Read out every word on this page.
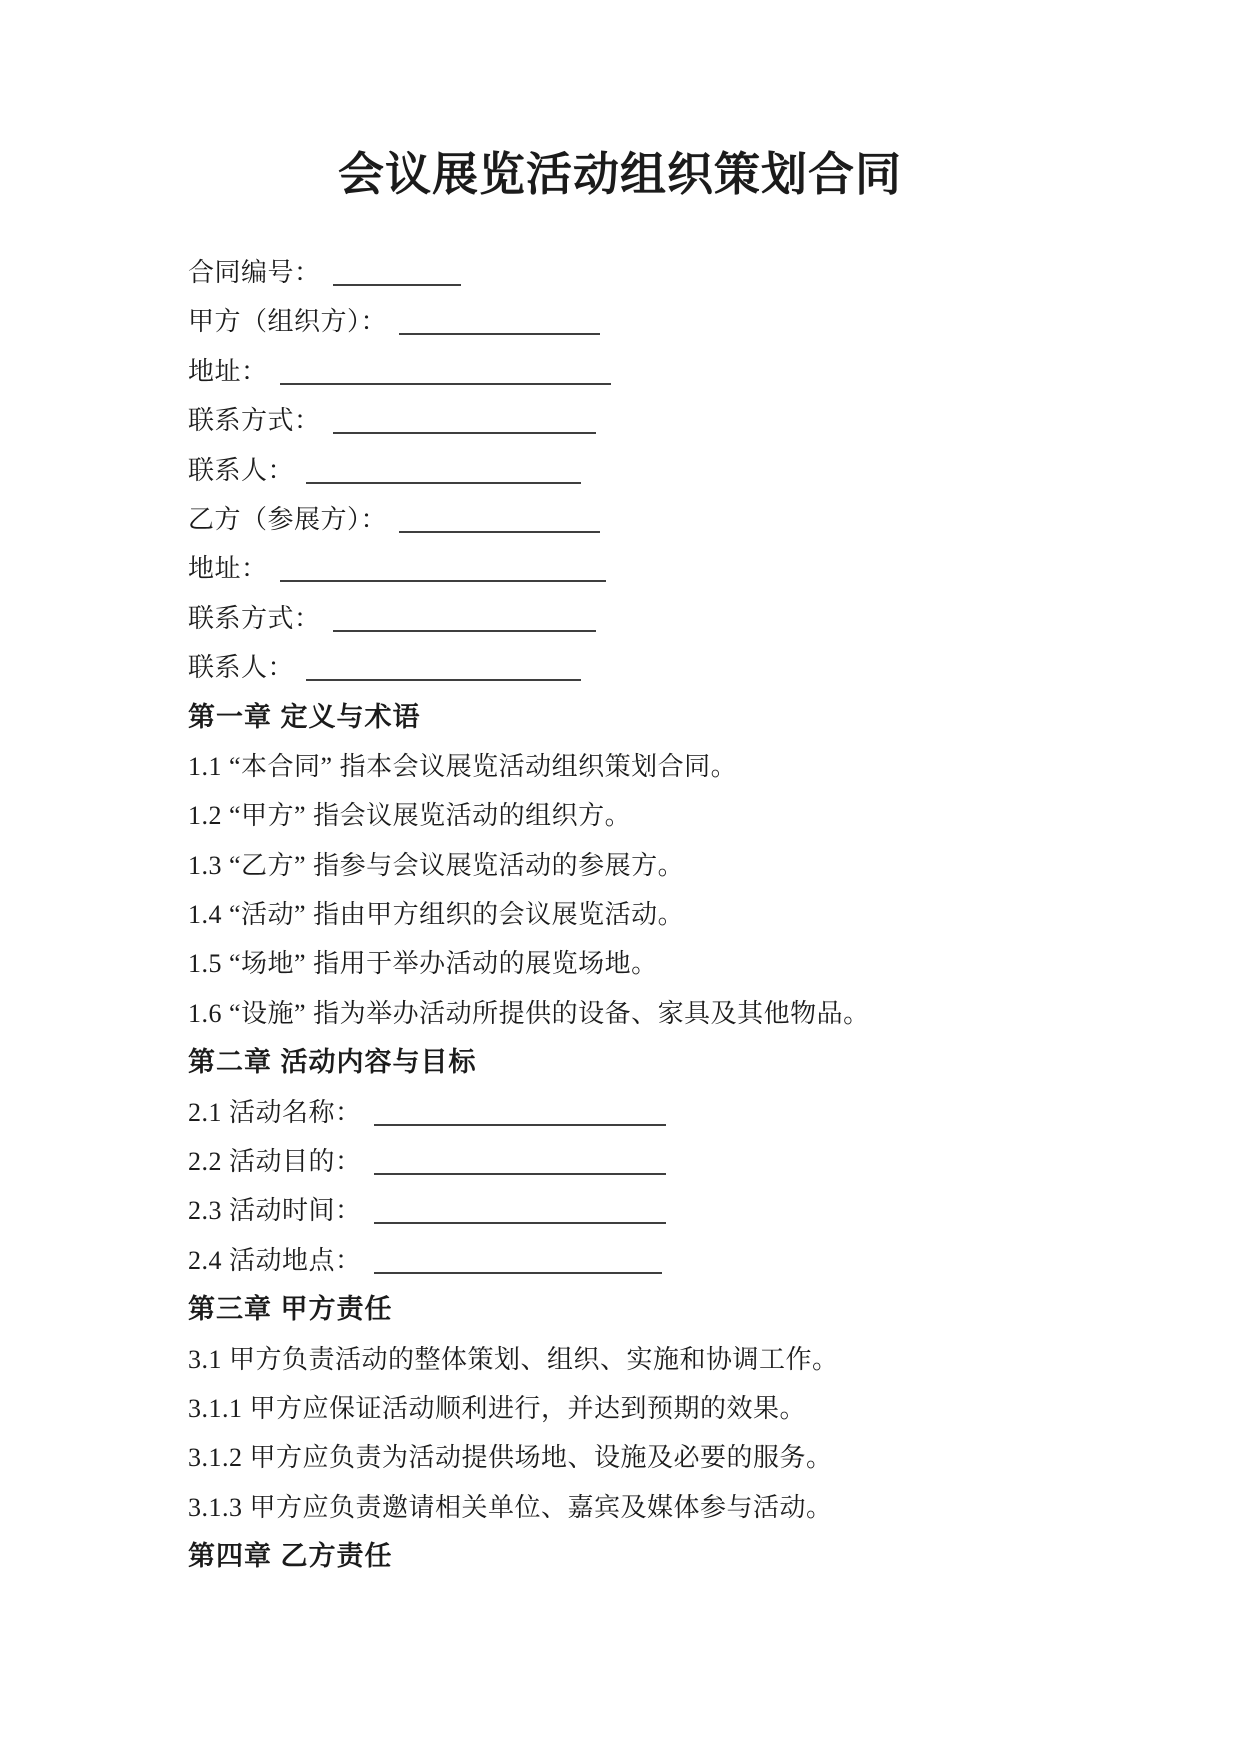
会议展览活动组织策划合同
合同编号：
甲方（组织方）：
地址：
联系方式：
联系人：
乙方（参展方）：
地址：
联系方式：
联系人：
第一章 定义与术语
1.1 “本合同” 指本会议展览活动组织策划合同。
1.2 “甲方” 指会议展览活动的组织方。
1.3 “乙方” 指参与会议展览活动的参展方。
1.4 “活动” 指由甲方组织的会议展览活动。
1.5 “场地” 指用于举办活动的展览场地。
1.6 “设施” 指为举办活动所提供的设备、家具及其他物品。
第二章 活动内容与目标
2.1 活动名称：
2.2 活动目的：
2.3 活动时间：
2.4 活动地点：
第三章 甲方责任
3.1 甲方负责活动的整体策划、组织、实施和协调工作。
3.1.1 甲方应保证活动顺利进行，并达到预期的效果。
3.1.2 甲方应负责为活动提供场地、设施及必要的服务。
3.1.3 甲方应负责邀请相关单位、嘉宾及媒体参与活动。
第四章 乙方责任
